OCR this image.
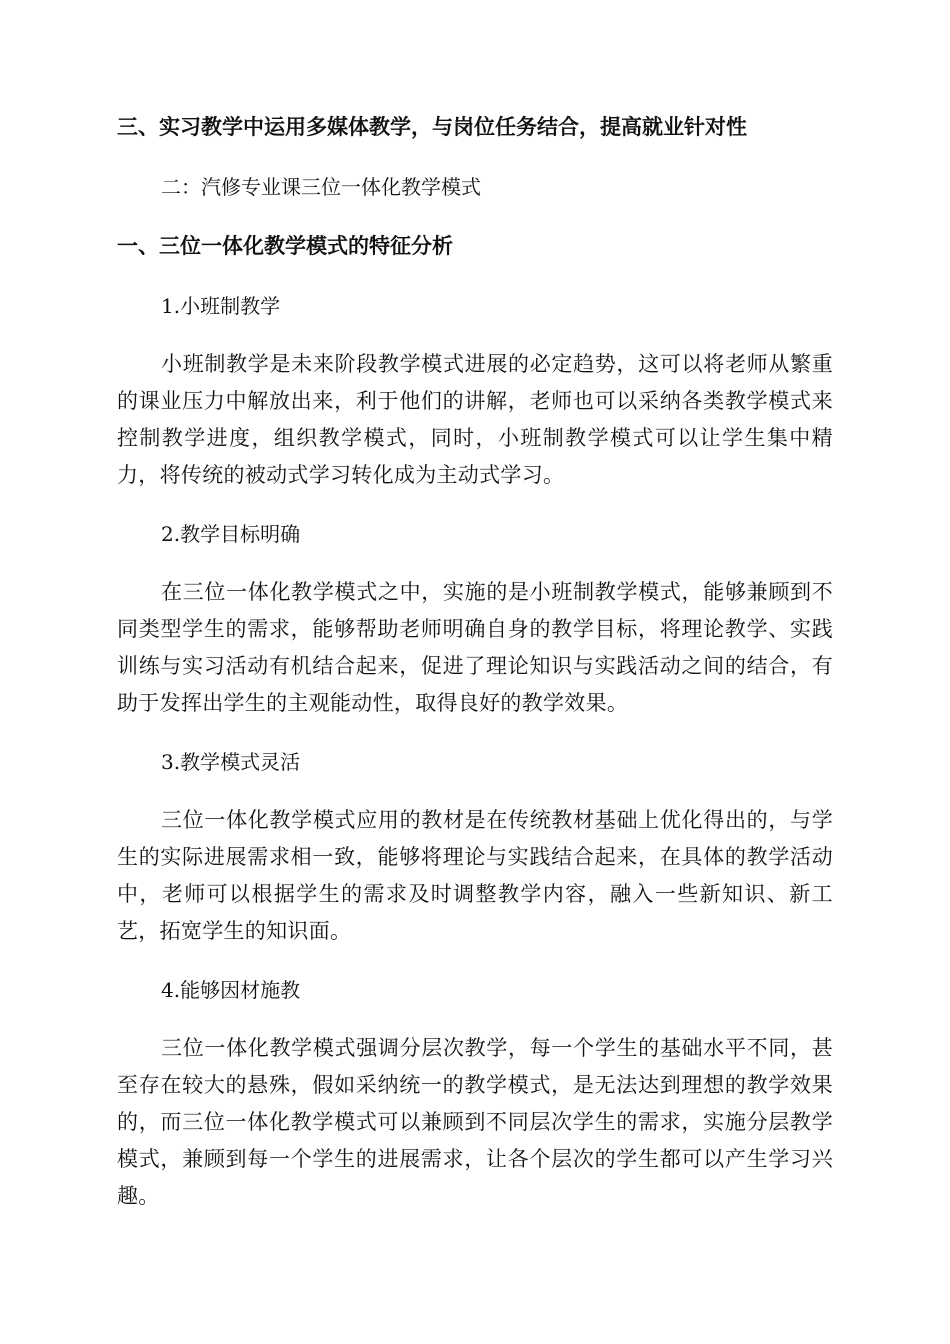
三、实习教学中运用多媒体教学，与岗位任务结合，提高就业针对性
二：汽修专业课三位一体化教学模式
一、三位一体化教学模式的特征分析
1.小班制教学

小班制教学是未来阶段教学模式进展的必定趋势，这可以将老师从繁重的课业压力中解放出来，利于他们的讲解，老师也可以采纳各类教学模式来控制教学进度，组织教学模式，同时，小班制教学模式可以让学生集中精力，将传统的被动式学习转化成为主动式学习。

2.教学目标明确

在三位一体化教学模式之中，实施的是小班制教学模式，能够兼顾到不同类型学生的需求，能够帮助老师明确自身的教学目标，将理论教学、实践训练与实习活动有机结合起来，促进了理论知识与实践活动之间的结合，有助于发挥出学生的主观能动性，取得良好的教学效果。

3.教学模式灵活

三位一体化教学模式应用的教材是在传统教材基础上优化得出的，与学生的实际进展需求相一致，能够将理论与实践结合起来，在具体的教学活动中，老师可以根据学生的需求及时调整教学内容，融入一些新知识、新工艺，拓宽学生的知识面。

4.能够因材施教

三位一体化教学模式强调分层次教学，每一个学生的基础水平不同，甚至存在较大的悬殊，假如采纳统一的教学模式，是无法达到理想的教学效果的，而三位一体化教学模式可以兼顾到不同层次学生的需求，实施分层教学模式，兼顾到每一个学生的进展需求，让各个层次的学生都可以产生学习兴趣。
